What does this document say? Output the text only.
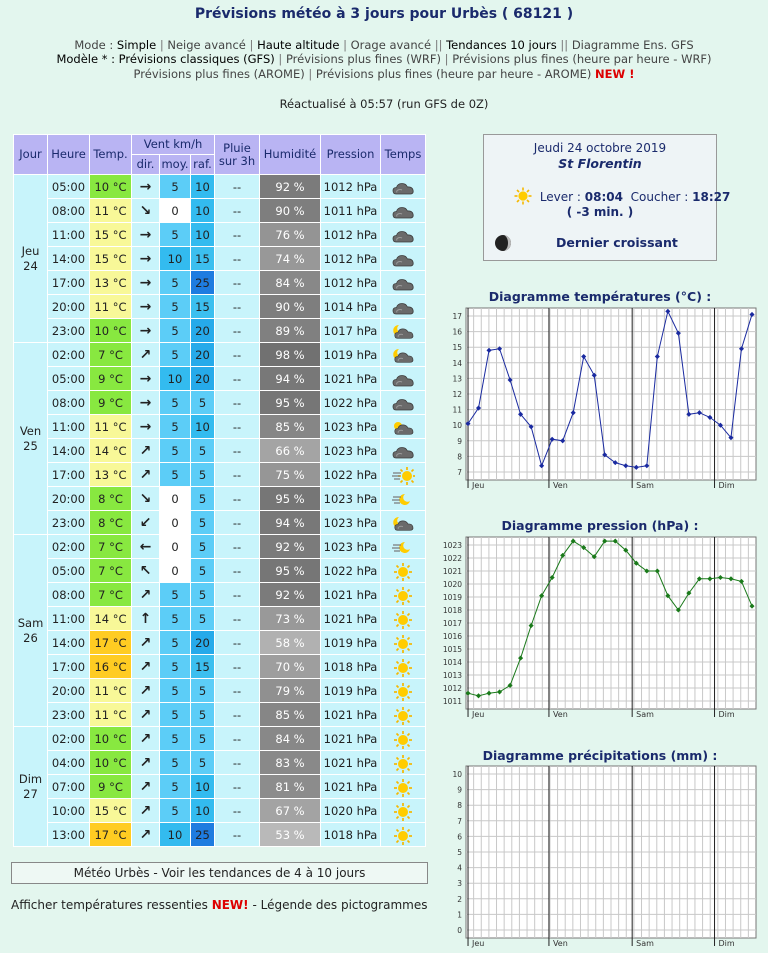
Prévisions météo à 3 jours pour Urbès ( 68121 )
Mode : Simple | Neige avancé | Haute altitude | Orage avancé || Tendances 10 jours || Diagramme Ens. GFS
Modèle * : Prévisions classiques (GFS) | Prévisions plus fines (WRF) | Prévisions plus fines (heure par heure - WRF)
Prévisions plus fines (AROME) | Prévisions plus fines (heure par heure - AROME) NEW !
Réactualisé à 05:57 (run GFS de 0Z)
Jour	Heure	Temp.	Vent km/h			Pluie
sur 3h	Humidité	Pression	Temps
			dir.	moy.	raf.				
Jeu
24	05:00	10 °C	→	5	10	--	92 %	1012 hPa	

	08:00	11 °C	↘	0	10	--	90 %	1011 hPa	

	11:00	15 °C	→	5	10	--	76 %	1012 hPa	

	14:00	15 °C	→	10	15	--	74 %	1012 hPa	

	17:00	13 °C	→	5	25	--	84 %	1012 hPa	

	20:00	11 °C	→	5	15	--	90 %	1014 hPa	

	23:00	10 °C	→	5	20	--	89 %	1017 hPa	

Ven
25	02:00	7 °C	↗	5	20	--	98 %	1019 hPa	

	05:00	9 °C	→	10	20	--	94 %	1021 hPa	

	08:00	9 °C	→	5	5	--	95 %	1022 hPa	

	11:00	11 °C	→	5	10	--	85 %	1023 hPa	

	14:00	14 °C	↗	5	5	--	66 %	1023 hPa	

	17:00	13 °C	↗	5	5	--	75 %	1022 hPa	

	20:00	8 °C	↘	0	5	--	95 %	1023 hPa	

	23:00	8 °C	↙	0	5	--	94 %	1023 hPa	

Sam
26	02:00	7 °C	←	0	5	--	92 %	1023 hPa	

	05:00	7 °C	↖	0	5	--	95 %	1022 hPa	

	08:00	7 °C	↗	5	5	--	92 %	1021 hPa	

	11:00	14 °C	↑	5	5	--	73 %	1021 hPa	

	14:00	17 °C	↗	5	20	--	58 %	1019 hPa	

	17:00	16 °C	↗	5	15	--	70 %	1018 hPa	

	20:00	11 °C	↗	5	5	--	79 %	1019 hPa	

	23:00	11 °C	↗	5	5	--	85 %	1021 hPa	

Dim
27	02:00	10 °C	↗	5	5	--	84 %	1021 hPa	

	04:00	10 °C	↗	5	5	--	83 %	1021 hPa	

	07:00	9 °C	↗	5	10	--	81 %	1021 hPa	

	10:00	15 °C	↗	5	10	--	67 %	1020 hPa	

	13:00	17 °C	↗	10	25	--	53 %	1018 hPa	
Météo Urbès - Voir les tendances de 4 à 10 jours
Afficher températures ressenties NEW! - Légende des pictogrammes
Jeudi 24 octobre 2019
St Florentin
Lever : 08:04 Coucher : 18:27
( -3 min. )
Dernier croissant
Diagramme températures (°C) :
7
8
9
10
11
12
13
14
15
16
17
Jeu	Ven	Sam	Dim
Diagramme pression (hPa) :
1011
1012
1013
1014
1015
1016
1017
1018
1019
1020
1021
1022
1023
Jeu	Ven	Sam	Dim
Diagramme précipitations (mm) :
0
1
2
3
4
5
6
7
8
9
10
Jeu	Ven	Sam	Dim
